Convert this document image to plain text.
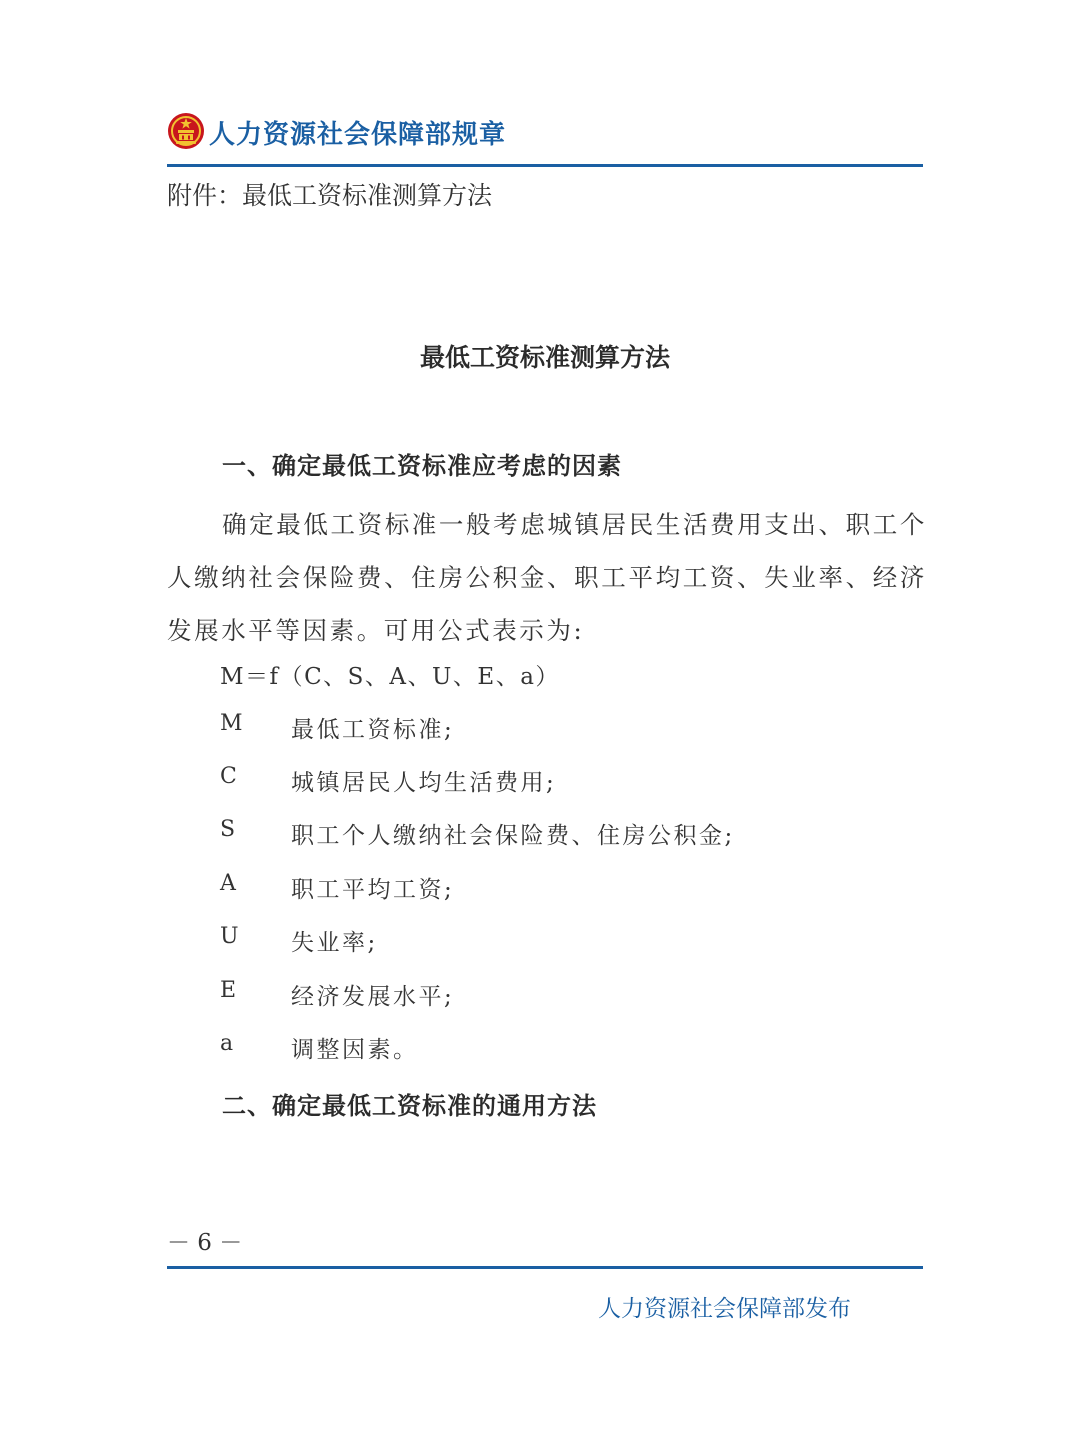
人力资源社会保障部规章
附件：最低工资标准测算方法
最低工资标准测算方法
一、确定最低工资标准应考虑的因素
确定最低工资标准一般考虑城镇居民生活费用支出、职工个人缴纳社会保险费、住房公积金、职工平均工资、失业率、经济发展水平等因素。可用公式表示为:
M＝f（C、S、A、U、E、a）
M 最低工资标准;
C 城镇居民人均生活费用;
S 职工个人缴纳社会保险费、住房公积金;
A 职工平均工资;
U 失业率;
E 经济发展水平;
a	调整因素。
二、确定最低工资标准的通用方法
－ 6 －
人力资源社会保障部发布
